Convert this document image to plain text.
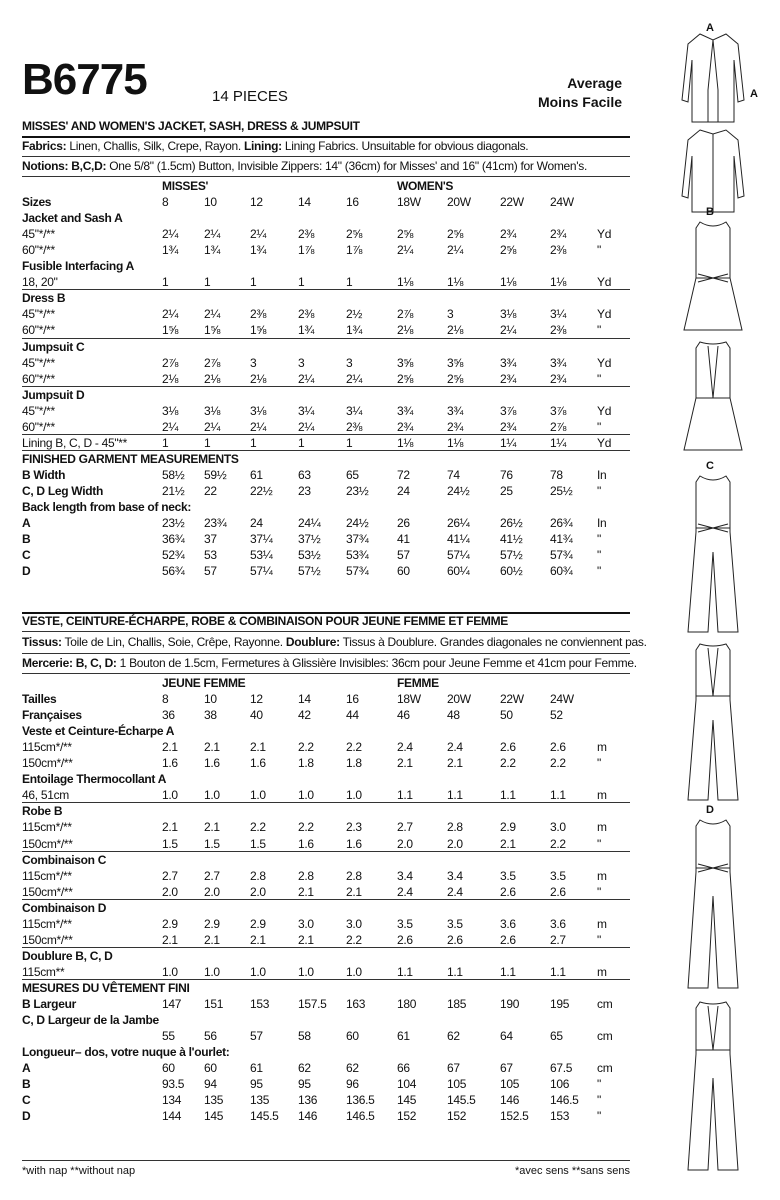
B6775	14 PIECES
Average
Moins Facile
MISSES' AND WOMEN'S JACKET, SASH, DRESS & JUMPSUIT
Fabrics: Linen, Challis, Silk, Crepe, Rayon. Lining: Lining Fabrics. Unsuitable for obvious diagonals.
Notions: B,C,D: One 5/8" (1.5cm) Button, Invisible Zippers: 14" (36cm) for Misses' and 16" (41cm) for Women's.
MISSES'	WOMEN'S
Sizes	8	10	12	14	16	18W 20W 22W 24W
Jacket and Sash A
45"*/**	2¼ 2¼ 2¼	2⅜	2⅝	2⅝	2⅝	2¾	2¾	Yd
60"*/**	1¾ 1¾ 1¾	1⅞	1⅞	2¼	2¼	2⅝	2⅜	"
Fusible Interfacing A
18, 20"	1	1	1	1	1	1⅛	1⅛	1⅛	1⅛	Yd
Dress B
45"*/**	2¼ 2¼ 2⅜	2⅜	2½	2⅞	3	3⅛	3¼	Yd
60"*/**	1⅝ 1⅝ 1⅝	1¾	1¾	2⅛	2⅛	2¼	2⅜	"
Jumpsuit C
45"*/**	2⅞ 2⅞ 3	3	3	3⅝	3⅝	3¾	3¾	Yd
60"*/**	2⅛ 2⅛ 2⅛	2¼	2¼	2⅝	2⅝	2¾	2¾	"
Jumpsuit D
45"*/**	3⅛ 3⅛ 3⅛	3¼	3¼	3¾	3¾	3⅞	3⅞	Yd
60"*/**	2¼ 2¼ 2¼	2¼	2⅜	2¾	2¾	2¾	2⅞	"
Lining B, C, D - 45"**	1	1	1	1	1	1⅛	1⅛	1¼	1¼	Yd
FINISHED GARMENT MEASUREMENTS
B Width	58½ 59½ 61	63	65	72	74	76	78	In
C, D Leg Width	21½ 22	22½ 23	23½ 24	24½	25	25½ "
Back length from base of neck:
A	23½ 23¾ 24	24¼ 24½ 26	26¼	26½ 26¾ In
B	36¾ 37	37¼ 37½ 37¾ 41	41¼	41½ 41¾ "
C	52¾ 53	53¼ 53½ 53¾ 57	57¼	57½ 57¾ "
D	56¾ 57	57¼ 57½ 57¾ 60	60¼	60½ 60¾ "
VESTE, CEINTURE-ÉCHARPE, ROBE & COMBINAISON POUR JEUNE FEMME ET FEMME
Tissus: Toile de Lin, Challis, Soie, Crêpe, Rayonne. Doublure: Tissus à Doublure. Grandes diagonales ne conviennent pas.
Mercerie: B, C, D: 1 Bouton de 1.5cm, Fermetures à Glissière Invisibles: 36cm pour Jeune Femme et 41cm pour Femme.
JEUNE FEMME	FEMME
Tailles	8	10	12	14	16	18W 20W 22W 24W
Françaises	36 38	40	42	44	46	48	50	52
Veste et Ceinture-Écharpe A
115cm*/**	2.1 2.1	2.1	2.2	2.2	2.4	2.4	2.6	2.6	m
150cm*/**	1.6 1.6	1.6	1.8	1.8	2.1	2.1	2.2	2.2	"
Entoilage Thermocollant A
46, 51cm	1.0 1.0	1.0	1.0	1.0	1.1	1.1	1.1	1.1	m
Robe B
115cm*/**	2.1 2.1	2.2	2.2	2.3	2.7	2.8	2.9	3.0	m
150cm*/**	1.5 1.5	1.5	1.6	1.6	2.0	2.0	2.1	2.2	"
Combinaison C
115cm*/**	2.7 2.7	2.8	2.8	2.8	3.4	3.4	3.5	3.5	m
150cm*/**	2.0 2.0	2.0	2.1	2.1	2.4	2.4	2.6	2.6	"
Combinaison D
115cm*/**	2.9 2.9	2.9	3.0	3.0	3.5	3.5	3.6	3.6	m
150cm*/**	2.1 2.1	2.1	2.1	2.2	2.6	2.6	2.6	2.7	"
Doublure B, C, D
115cm**	1.0 1.0	1.0	1.0	1.0	1.1	1.1	1.1	1.1	m
MESURES DU VÊTEMENT FINI
B Largeur	147 151 153 157.5 163	180	185	190	195 cm
C, D Largeur de la Jambe
55 56	57	58	60	61	62	64	65	cm
Longueur– dos, votre nuque à l'ourlet:
A	60 60	61	62	62	66	67	67	67.5 cm
B	93.5 94	95	95	96	104	105	105	106 "
C	134 135 135 136 136.5 145	145.5 146	146.5 "
D	144 145 145.5 146 146.5 152	152	152.5 153 "
*with nap **without nap	*avec sens **sans sens
A
A
B
C
D
